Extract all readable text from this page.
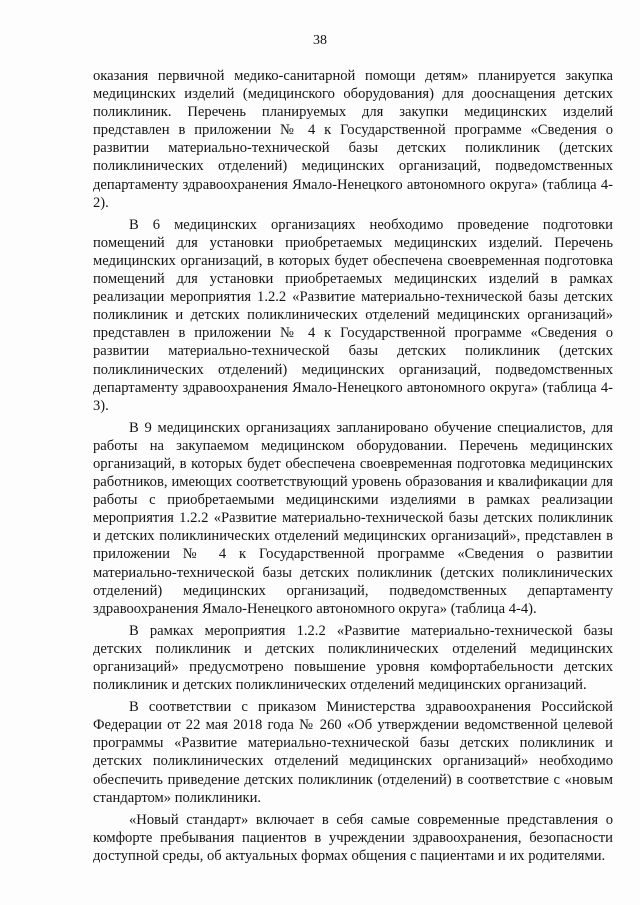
38

оказания первичной медико-санитарной помощи детям» планируется закупка медицинских изделий (медицинского оборудования) для дооснащения детских поликлиник. Перечень планируемых для закупки медицинских изделий представлен в приложении № 4 к Государственной программе «Сведения о развитии материально-технической базы детских поликлиник (детских поликлинических отделений) медицинских организаций, подведомственных департаменту здравоохранения Ямало-Ненецкого автономного округа» (таблица 4-2).

В 6 медицинских организациях необходимо проведение подготовки помещений для установки приобретаемых медицинских изделий. Перечень медицинских организаций, в которых будет обеспечена своевременная подготовка помещений для установки приобретаемых медицинских изделий в рамках реализации мероприятия 1.2.2 «Развитие материально-технической базы детских поликлиник и детских поликлинических отделений медицинских организаций» представлен в приложении № 4 к Государственной программе «Сведения о развитии материально-технической базы детских поликлиник (детских поликлинических отделений) медицинских организаций, подведомственных департаменту здравоохранения Ямало-Ненецкого автономного округа» (таблица 4-3).

В 9 медицинских организациях запланировано обучение специалистов, для работы на закупаемом медицинском оборудовании. Перечень медицинских организаций, в которых будет обеспечена своевременная подготовка медицинских работников, имеющих соответствующий уровень образования и квалификации для работы с приобретаемыми медицинскими изделиями в рамках реализации мероприятия 1.2.2 «Развитие материально-технической базы детских поликлиник и детских поликлинических отделений медицинских организаций», представлен в приложении № 4 к Государственной программе «Сведения о развитии материально-технической базы детских поликлиник (детских поликлинических отделений) медицинских организаций, подведомственных департаменту здравоохранения Ямало-Ненецкого автономного округа» (таблица 4-4).

В рамках мероприятия 1.2.2 «Развитие материально-технической базы детских поликлиник и детских поликлинических отделений медицинских организаций» предусмотрено повышение уровня комфортабельности детских поликлиник и детских поликлинических отделений медицинских организаций.

В соответствии с приказом Министерства здравоохранения Российской Федерации от 22 мая 2018 года № 260 «Об утверждении ведомственной целевой программы «Развитие материально-технической базы детских поликлиник и детских поликлинических отделений медицинских организаций» необходимо обеспечить приведение детских поликлиник (отделений) в соответствие с «новым стандартом» поликлиники.

«Новый стандарт» включает в себя самые современные представления о комфорте пребывания пациентов в учреждении здравоохранения, безопасности доступной среды, об актуальных формах общения с пациентами и их родителями.
